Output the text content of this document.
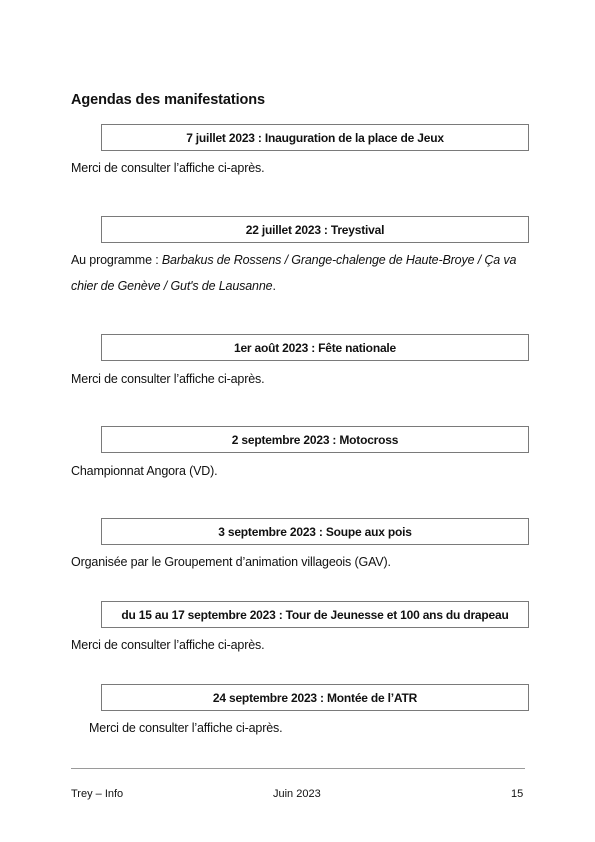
Agendas des manifestations
7 juillet 2023 : Inauguration de la place de Jeux
Merci de consulter l’affiche ci-après.
22 juillet 2023 : Treystival
Au programme : Barbakus de Rossens / Grange-chalenge de Haute-Broye / Ça va
chier de Genève / Gut's de Lausanne.
1er août 2023 : Fête nationale
Merci de consulter l’affiche ci-après.
2 septembre 2023 : Motocross
Championnat Angora (VD).
3 septembre 2023 : Soupe aux pois
Organisée par le Groupement d’animation villageois (GAV).
du 15 au 17 septembre 2023 : Tour de Jeunesse et 100 ans du drapeau
Merci de consulter l’affiche ci-après.
24 septembre 2023 : Montée de l’ATR
Merci de consulter l’affiche ci-après.
Trey – Info	Juin 2023	15
